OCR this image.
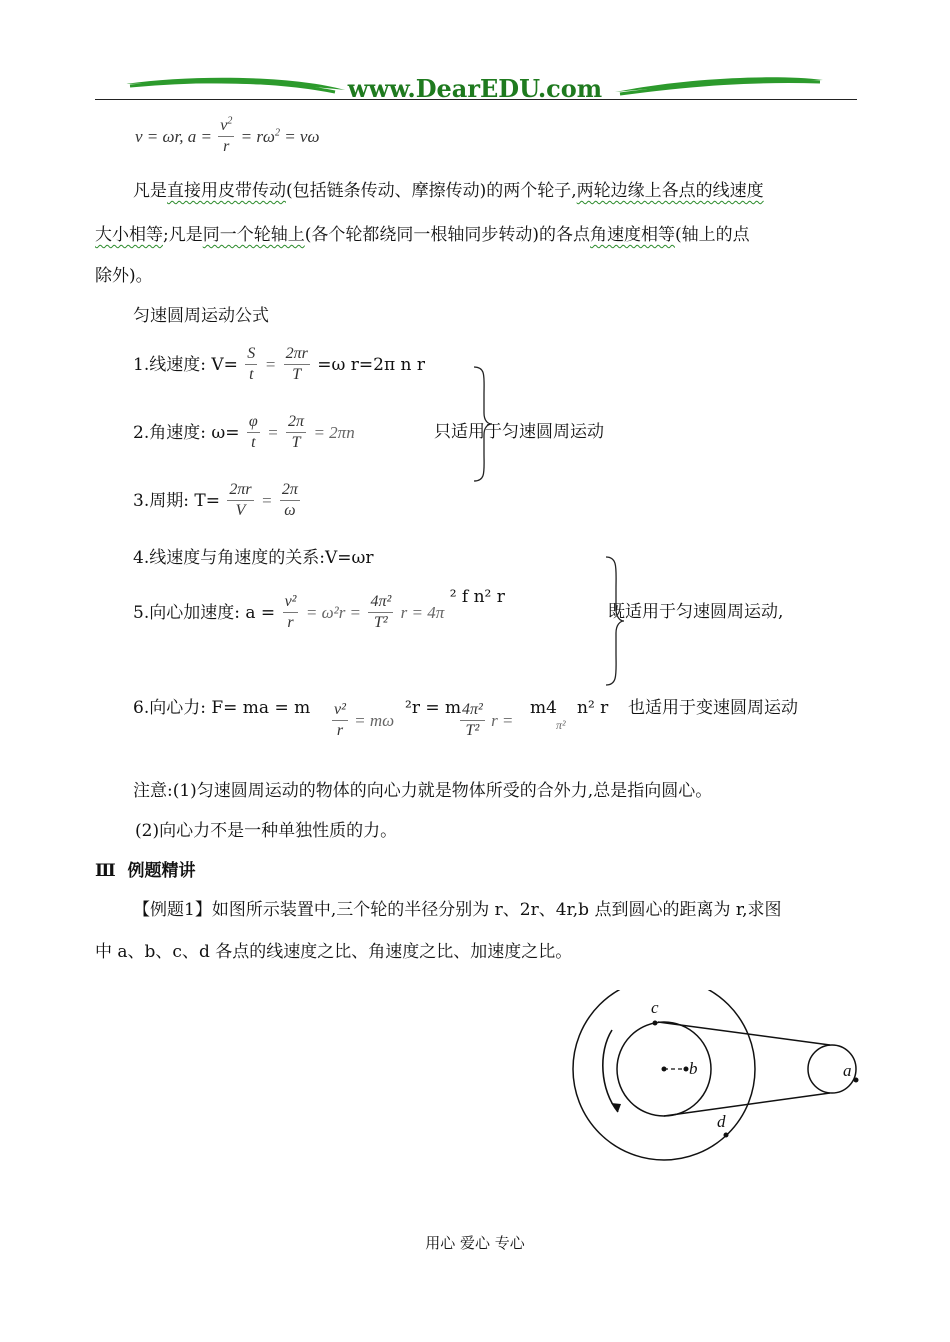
www.DearEDU.com
v = ωr, $a = \frac{v^2}{r} = r\omega^2 = v\omega$
凡是直接用皮带传动(包括链条传动、摩擦传动)的两个轮子,两轮边缘上各点的线速度
大小相等;凡是同一个轮轴上(各个轮都绕同一根轴同步转动)的各点角速度相等(轴上的点
除外)。
匀速圆周运动公式
1.线速度: $V= \frac{S}{t} = \frac{2\pi r}{T} =\omega$ r=2π n r
2.角速度: $\omega= \frac{\varphi}{t} = \frac{2\pi}{T} = 2\pi n$	只适用于匀速圆周运动
3.周期: $T= \frac{2\pi r}{V} = \frac{2\pi}{\omega}$
4.线速度与角速度的关系:V=ωr
5.向心加速度: $a = \frac{\text{v²}}{r} = \omega^2r = \frac{\text{4π²}}{\text{T²}}$ r = 4π ² f n² r
既适用于匀速圆周运动,
6.向心力: F= ma = m $\frac{\text{v²}}{r} = m\omega$
²r = m
$\frac{\text{4π²}}{\text{T²}}$ r =
m4
π²
n² r 也适用于变速圆周运动
注意:(1)匀速圆周运动的物体的向心力就是物体所受的合外力,总是指向圆心。
(2)向心力不是一种单独性质的力。
Ⅲ 例题精讲
【例题1】如图所示装置中,三个轮的半径分别为 r、2r、4r,b 点到圆心的距离为 r,求图
中 a、b、c、d 各点的线速度之比、角速度之比、加速度之比。
c
b
d
a
用心 爱心 专心
